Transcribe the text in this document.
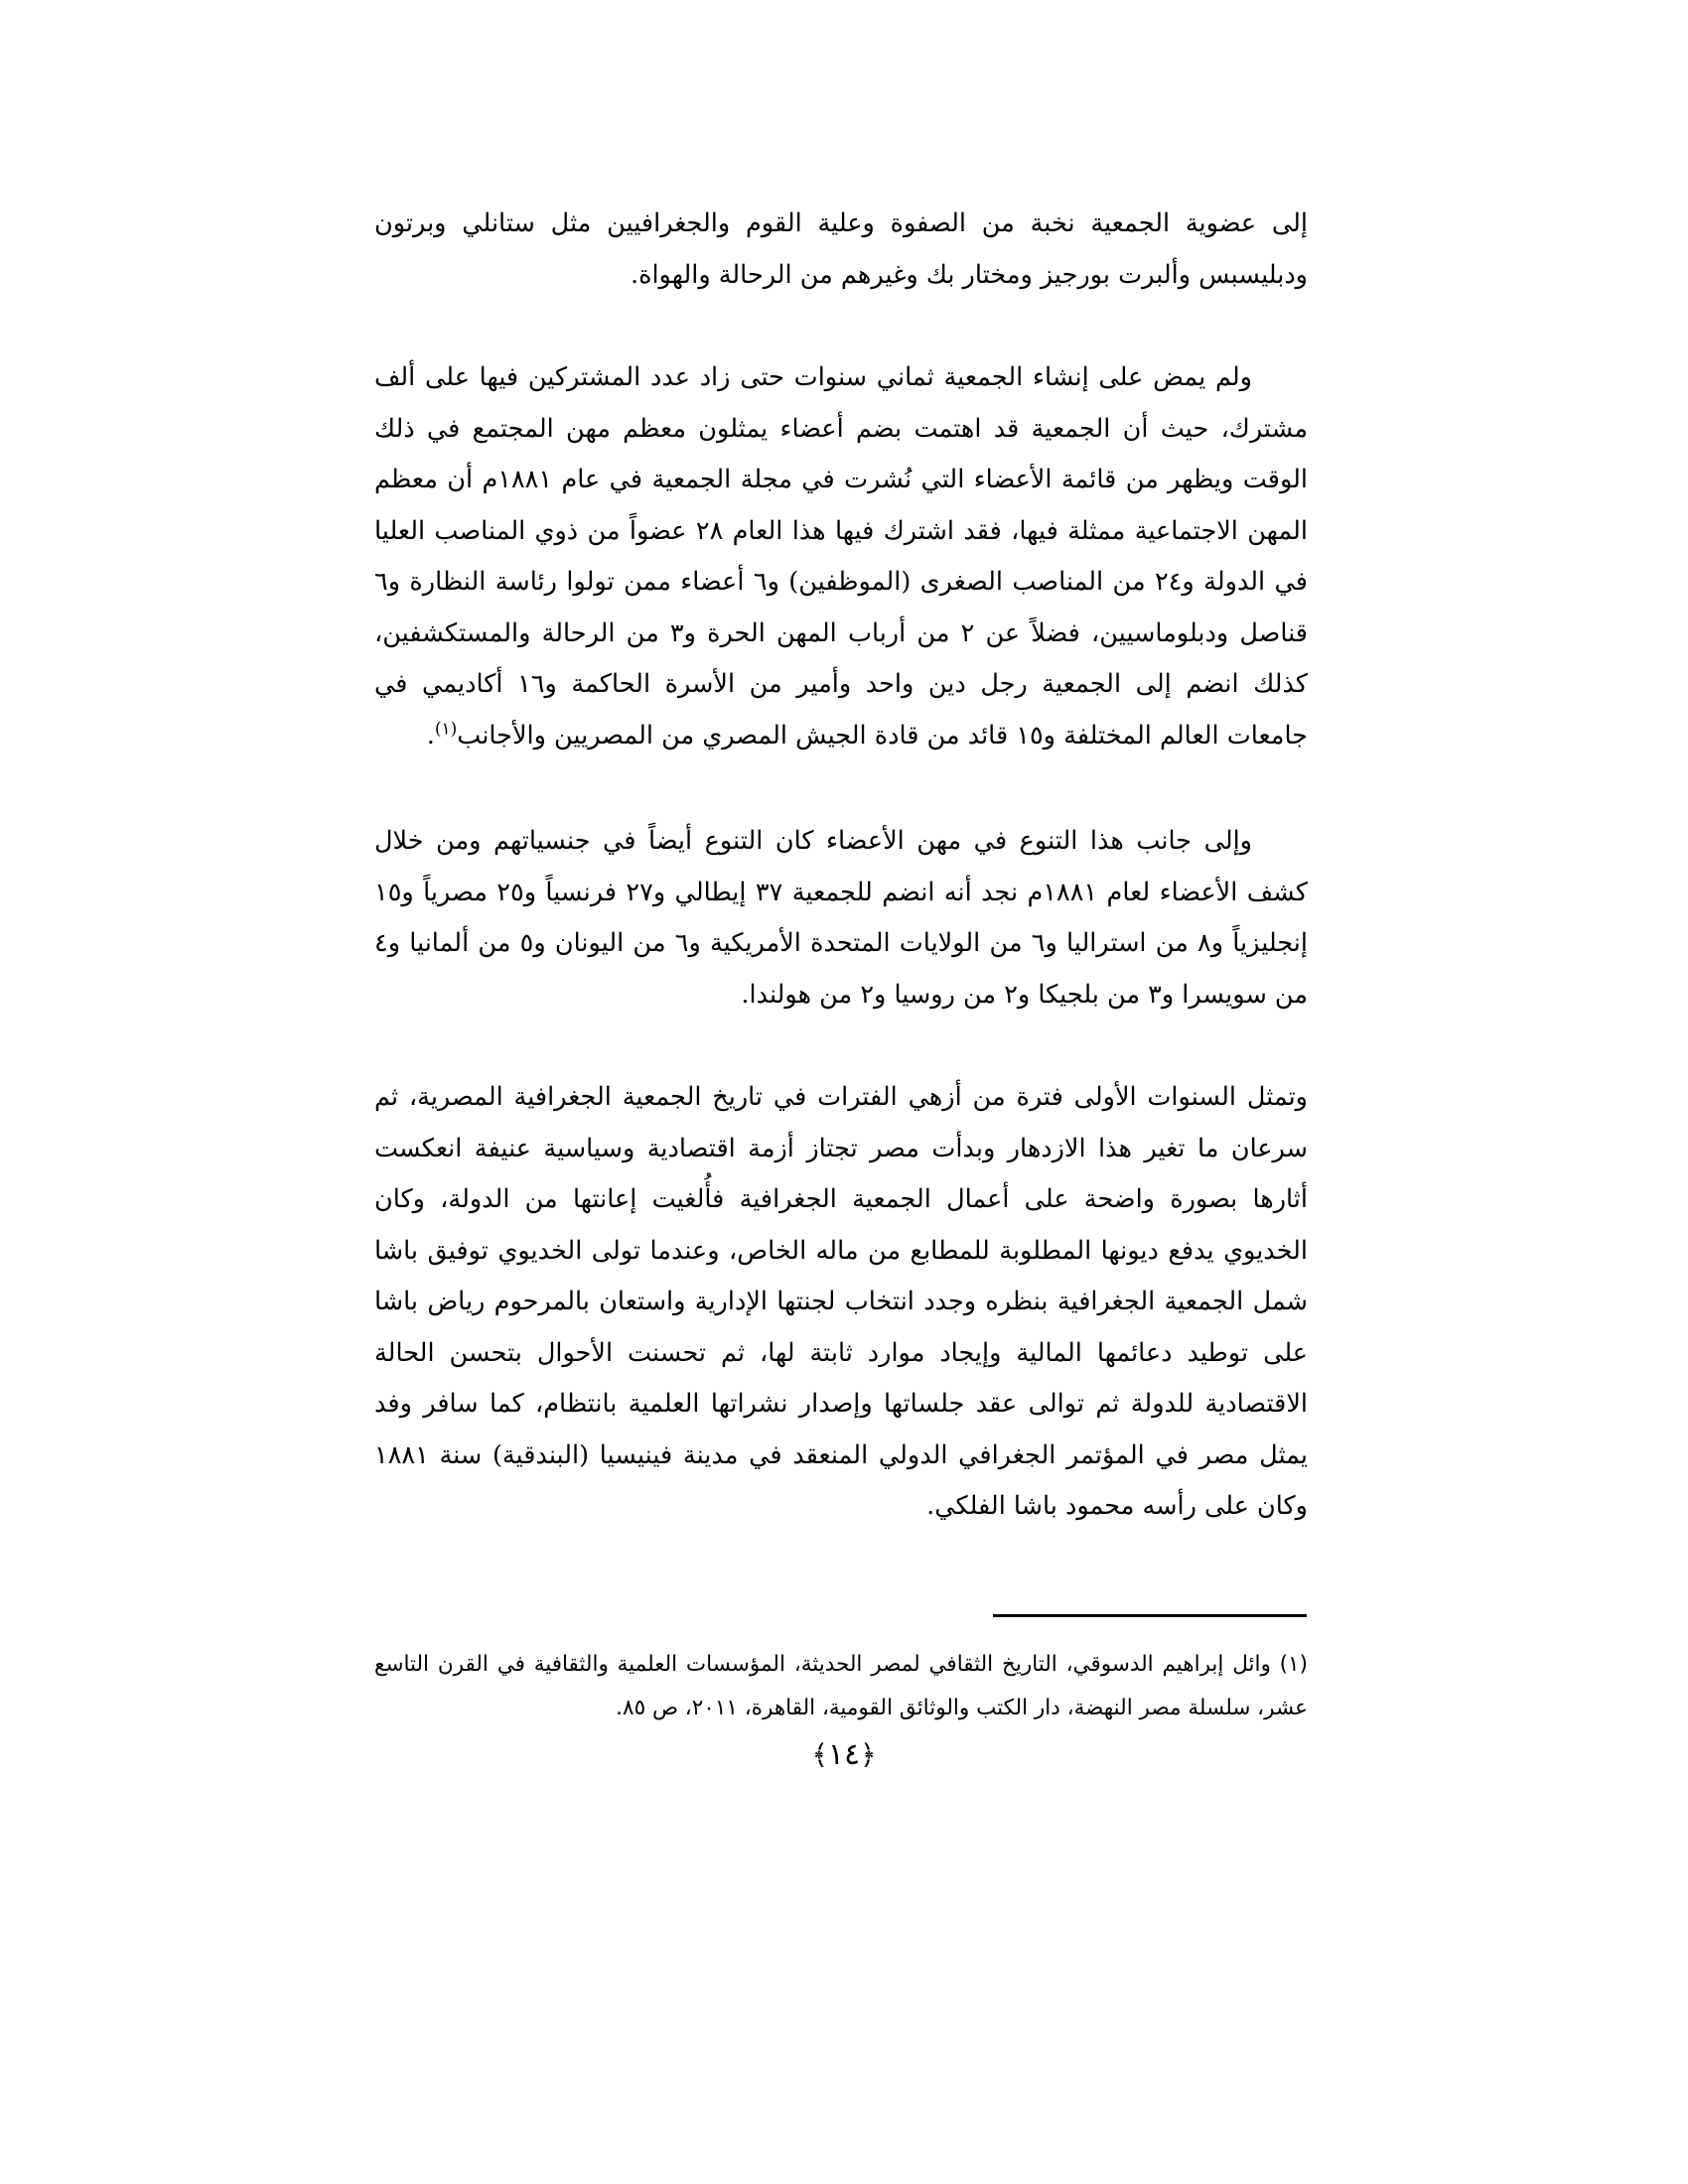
إلى عضوية الجمعية نخبة من الصفوة وعلية القوم والجغرافيين مثل ستانلي وبرتون ودبليسبس وألبرت بورجيز ومختار بك وغيرهم من الرحالة والهواة.

ولم يمض على إنشاء الجمعية ثماني سنوات حتى زاد عدد المشتركين فيها على ألف مشترك، حيث أن الجمعية قد اهتمت بضم أعضاء يمثلون معظم مهن المجتمع في ذلك الوقت ويظهر من قائمة الأعضاء التي نُشرت في مجلة الجمعية في عام ١٨٨١م أن معظم المهن الاجتماعية ممثلة فيها، فقد اشترك فيها هذا العام ٢٨ عضواً من ذوي المناصب العليا في الدولة و٢٤ من المناصب الصغرى (الموظفين) و٦ أعضاء ممن تولوا رئاسة النظارة و٦ قناصل ودبلوماسيين، فضلاً عن ٢ من أرباب المهن الحرة و٣ من الرحالة والمستكشفين، كذلك انضم إلى الجمعية رجل دين واحد وأمير من الأسرة الحاكمة و١٦ أكاديمي في جامعات العالم المختلفة و١٥ قائد من قادة الجيش المصري من المصريين والأجانب$^{(١)}$.

وإلى جانب هذا التنوع في مهن الأعضاء كان التنوع أيضاً في جنسياتهم ومن خلال كشف الأعضاء لعام ١٨٨١م نجد أنه انضم للجمعية ٣٧ إيطالي و٢٧ فرنسياً و٢٥ مصرياً و١٥ إنجليزياً و٨ من استراليا و٦ من الولايات المتحدة الأمريكية و٦ من اليونان و٥ من ألمانيا و٤ من سويسرا و٣ من بلجيكا و٢ من روسيا و٢ من هولندا.

وتمثل السنوات الأولى فترة من أزهي الفترات في تاريخ الجمعية الجغرافية المصرية، ثم سرعان ما تغير هذا الازدهار وبدأت مصر تجتاز أزمة اقتصادية وسياسية عنيفة انعكست أثارها بصورة واضحة على أعمال الجمعية الجغرافية فأُلغيت إعانتها من الدولة، وكان الخديوي يدفع ديونها المطلوبة للمطابع من ماله الخاص، وعندما تولى الخديوي توفيق باشا شمل الجمعية الجغرافية بنظره وجدد انتخاب لجنتها الإدارية واستعان بالمرحوم رياض باشا على توطيد دعائمها المالية وإيجاد موارد ثابتة لها، ثم تحسنت الأحوال بتحسن الحالة الاقتصادية للدولة ثم توالى عقد جلساتها وإصدار نشراتها العلمية بانتظام، كما سافر وفد يمثل مصر في المؤتمر الجغرافي الدولي المنعقد في مدينة فينيسيا (البندقية) سنة ١٨٨١ وكان على رأسه محمود باشا الفلكي.

(١) وائل إبراهيم الدسوقي، التاريخ الثقافي لمصر الحديثة، المؤسسات العلمية والثقافية في القرن التاسع عشر، سلسلة مصر النهضة، دار الكتب والوثائق القومية، القاهرة، ٢٠١١، ص ٨٥.

﴿١٤﴾
